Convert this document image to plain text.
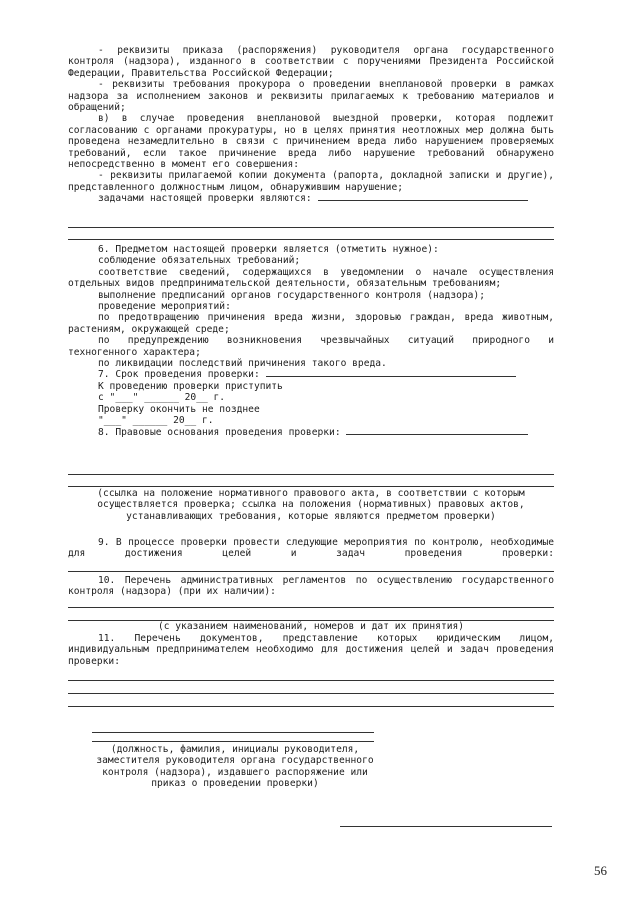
- реквизиты приказа (распоряжения) руководителя органа государственного контроля (надзора), изданного в соответствии с поручениями Президента Российской Федерации, Правительства Российской Федерации;

- реквизиты требования прокурора о проведении внеплановой проверки в рамках надзора за исполнением законов и реквизиты прилагаемых к требованию материалов и обращений;

в) в случае проведения внеплановой выездной проверки, которая подлежит согласованию с органами прокуратуры, но в целях принятия неотложных мер должна быть проведена незамедлительно в связи с причинением вреда либо нарушением проверяемых требований, если такое причинение вреда либо нарушение требований обнаружено непосредственно в момент его совершения:

- реквизиты прилагаемой копии документа (рапорта, докладной записки и другие), представленного должностным лицом, обнаружившим нарушение;

задачами настоящей проверки являются:

6. Предметом настоящей проверки является (отметить нужное):

соблюдение обязательных требований;

соответствие сведений, содержащихся в уведомлении о начале осуществления отдельных видов предпринимательской деятельности, обязательным требованиям;

выполнение предписаний органов государственного контроля (надзора);

проведение мероприятий:

по предотвращению причинения вреда жизни, здоровью граждан, вреда животным, растениям, окружающей среде;

по предупреждению возникновения чрезвычайных ситуаций природного и техногенного характера;

по ликвидации последствий причинения такого вреда.

7. Срок проведения проверки:

К проведению проверки приступить

с "___" ______ 20__ г.

Проверку окончить не позднее

"___" ______ 20__ г.

8. Правовые основания проведения проверки:

(ссылка на положение нормативного правового акта, в соответствии с которым осуществляется проверка; ссылка на положения (нормативных) правовых актов, устанавливающих требования, которые являются предметом проверки)

9. В процессе проверки провести следующие мероприятия по контролю, необходимые для достижения целей и задач проведения проверки:

10. Перечень административных регламентов по осуществлению государственного контроля (надзора) (при их наличии):

(с указанием наименований, номеров и дат их принятия)

11. Перечень документов, представление которых юридическим лицом, индивидуальным предпринимателем необходимо для достижения целей и задач проведения проверки:

(должность, фамилия, инициалы руководителя, заместителя руководителя органа государственного контроля (надзора), издавшего распоряжение или приказ о проведении проверки)

56
